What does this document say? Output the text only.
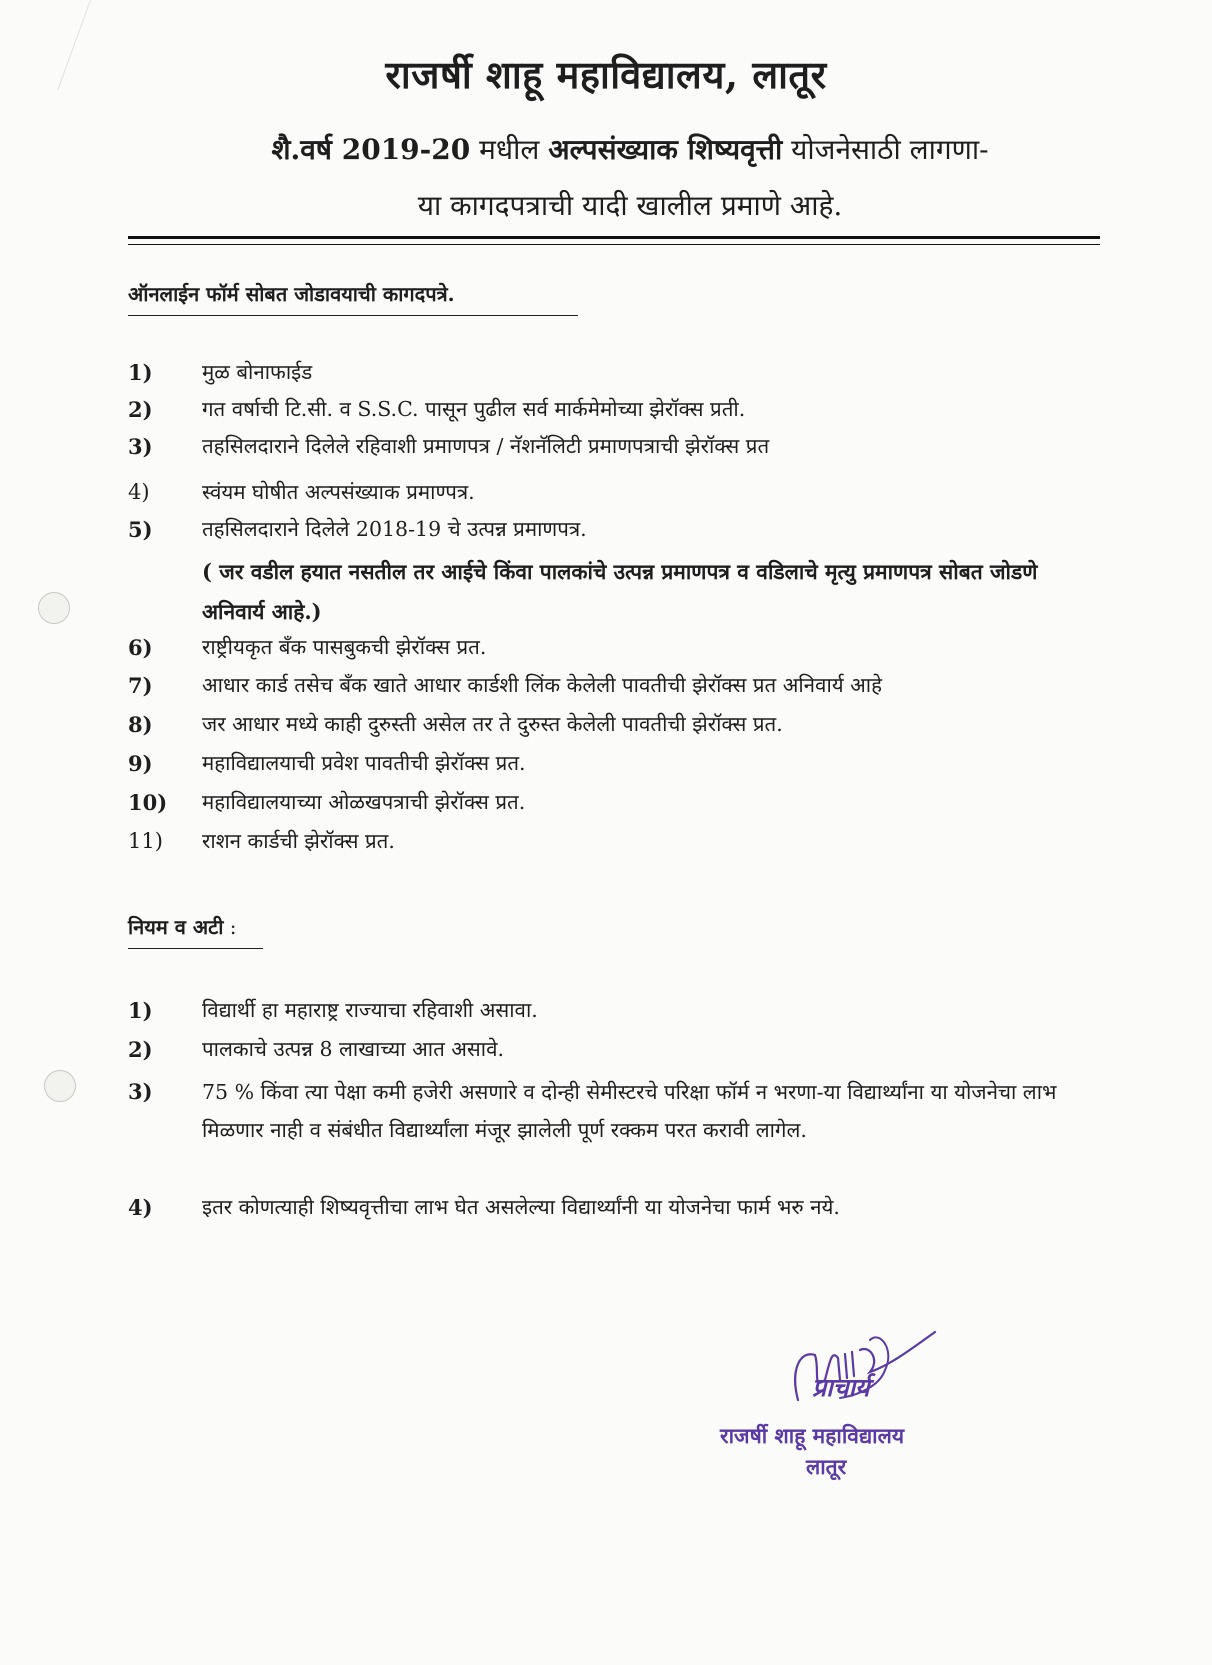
राजर्षी शाहू महाविद्यालय, लातूर
शै.वर्ष 2019-20 मधील अल्पसंख्याक शिष्यवृत्ती योजनेसाठी लागणा-
या कागदपत्राची यादी खालील प्रमाणे आहे.
ऑनलाईन फॉर्म सोबत जोडावयाची कागदपत्रे.
1)	मुळ बोनाफाईड
2)	गत वर्षाची टि.सी. व S.S.C. पासून पुढील सर्व मार्कमेमोच्या झेरॉक्स प्रती.
3)	तहसिलदाराने दिलेले रहिवाशी प्रमाणपत्र / नॅशनॅलिटी प्रमाणपत्राची झेरॉक्स प्रत
4)	स्वंयम घोषीत अल्पसंख्याक प्रमाण्पत्र.
5)	तहसिलदाराने दिलेले 2018-19 चे उत्पन्न प्रमाणपत्र.
( जर वडील हयात नसतील तर आईचे किंवा पालकांचे उत्पन्न प्रमाणपत्र व वडिलाचे मृत्यु प्रमाणपत्र सोबत जोडणे अनिवार्य आहे.)
6)	राष्ट्रीयकृत बॅंक पासबुकची झेरॉक्स प्रत.
7)	आधार कार्ड तसेच बॅंक खाते आधार कार्डशी लिंक केलेली पावतीची झेरॉक्स प्रत अनिवार्य आहे
8)	जर आधार मध्ये काही दुरुस्ती असेल तर ते दुरुस्त केलेली पावतीची झेरॉक्स प्रत.
9)	महाविद्यालयाची प्रवेश पावतीची झेरॉक्स प्रत.
10)	महाविद्यालयाच्या ओळखपत्राची झेरॉक्स प्रत.
11)	राशन कार्डची झेरॉक्स प्रत.
नियम व अटी :
1)	विद्यार्थी हा महाराष्ट्र राज्याचा रहिवाशी असावा.
2)	पालकाचे उत्पन्न 8 लाखाच्या आत असावे.
3)	75 % किंवा त्या पेक्षा कमी हजेरी असणारे व दोन्ही सेमीस्टरचे परिक्षा फॉर्म न भरणा-या विद्यार्थ्यांना या योजनेचा लाभ मिळणार नाही व संबंधीत विद्यार्थ्यांला मंजूर झालेली पूर्ण रक्कम परत करावी लागेल.
4)	इतर कोणत्याही शिष्यवृत्तीचा लाभ घेत असलेल्या विद्यार्थ्यांनी या योजनेचा फार्म भरु नये.
प्राचार्य
राजर्षी शाहू महाविद्यालय
लातूर
